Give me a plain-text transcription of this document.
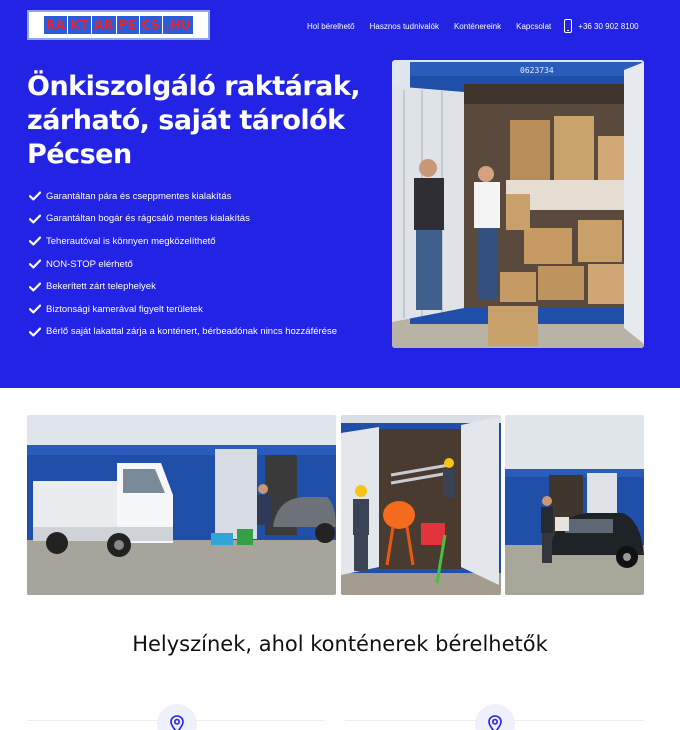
RA KT AR PE CS .HU	Hol bérelhető Hasznos tudnivalók Konténereink Kapcsolat	+36 30 902 8100
Önkiszolgáló raktárak, zárható, saját tárolók Pécsen
Garantáltan pára és cseppmentes kialakítás
Garantáltan bogár és rágcsáló mentes kialakítás
Teherautóval is könnyen megközelíthető
NON-STOP elérhető
Bekerített zárt telephelyek
Biztonsági kamerával figyelt területek
Bérlő saját lakattal zárja a konténert, bérbeadónak nincs hozzáférése
0623734
Helyszínek, ahol konténerek bérelhetők
